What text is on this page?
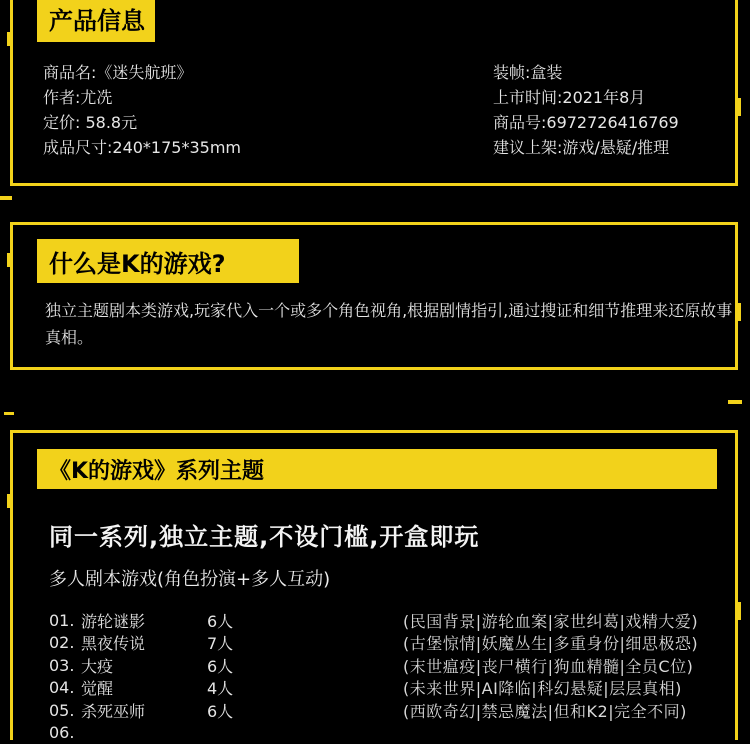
产品信息
商品名:《迷失航班》
作者:尤冼
定价: 58.8元
成品尺寸:240*175*35mm
装帧:盒装
上市时间:2021年8月
商品号:6972726416769
建议上架:游戏/悬疑/推理
什么是K的游戏?
独立主题剧本类游戏,玩家代入一个或多个角色视角,根据剧情指引,通过搜证和细节推理来还原故事真相。
《K的游戏》系列主题
同一系列,独立主题,不设门槛,开盒即玩
多人剧本游戏(角色扮演+多人互动)
01. 游轮谜影	6人	(民国背景|游轮血案|家世纠葛|戏精大爱)
02. 黑夜传说	7人	(古堡惊情|妖魔丛生|多重身份|细思极恐)
03. 大疫	6人	(末世瘟疫|丧尸横行|狗血精髓|全员C位)
04. 觉醒	4人	(未来世界|AI降临|科幻悬疑|层层真相)
05. 杀死巫师	6人	(西欧奇幻|禁忌魔法|但和K2|完全不同)
06.
